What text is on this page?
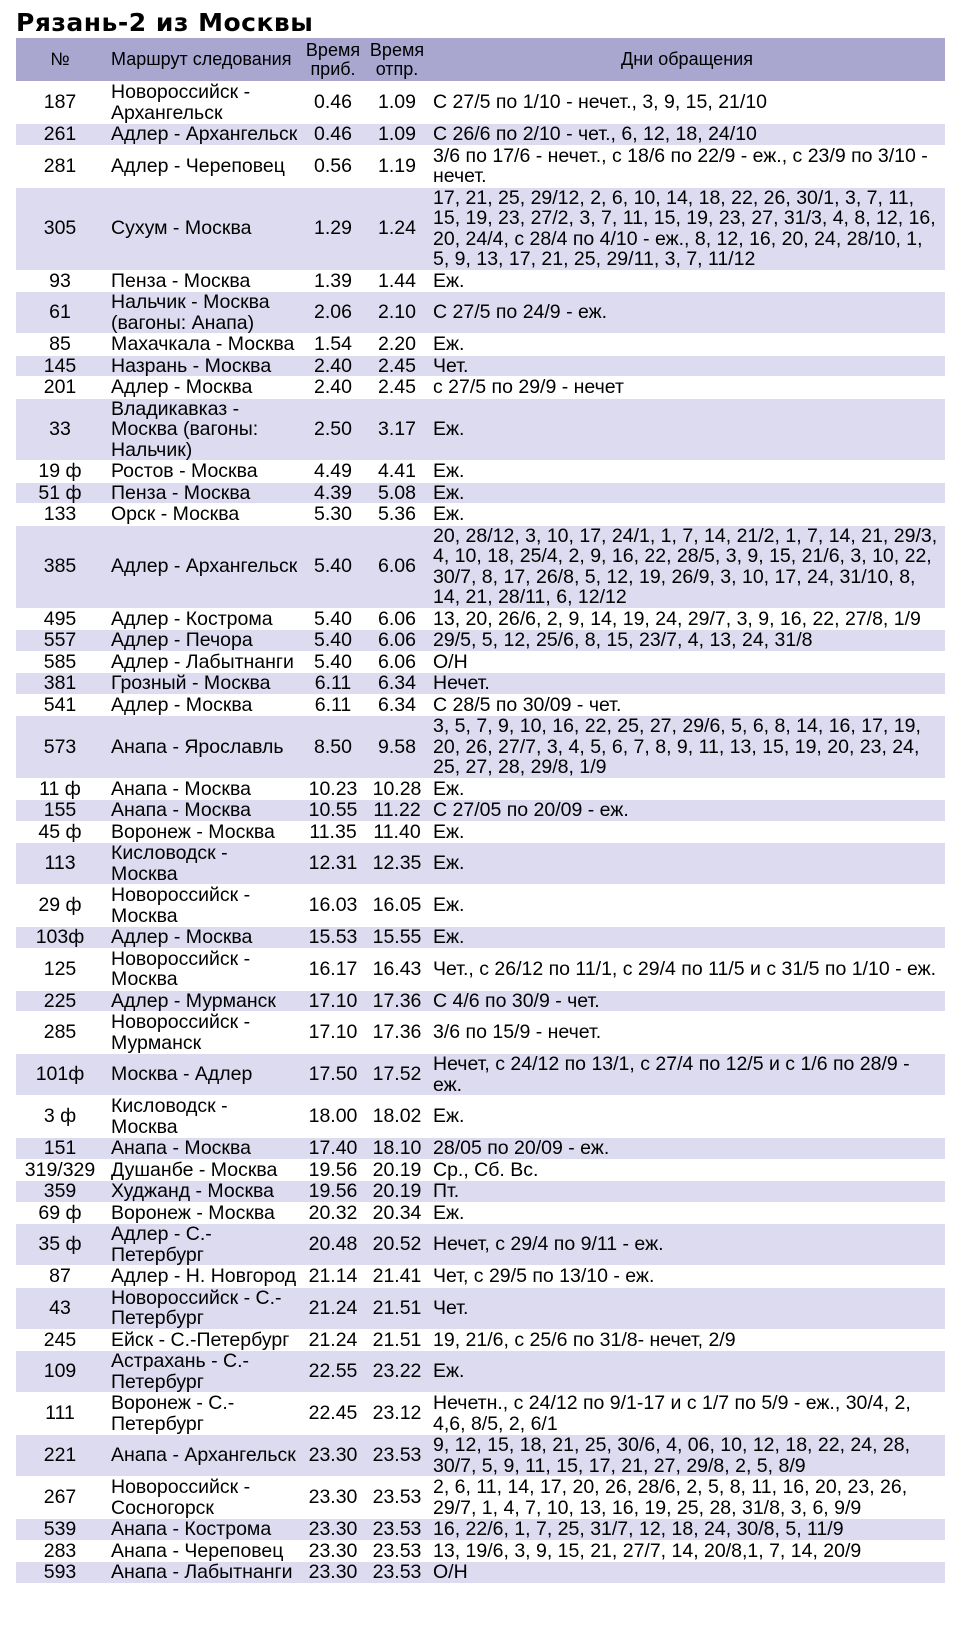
Рязань-2 из Москвы
№	Маршрут следования	Время приб.	Время отпр.	Дни обращения
187	Новороссийск - Архангельск	0.46	1.09	С 27/5 по 1/10 - нечет., 3, 9, 15, 21/10
261	Адлер - Архангельск	0.46	1.09	С 26/6 по 2/10 - чет., 6, 12, 18, 24/10
281	Адлер - Череповец	0.56	1.19	3/6 по 17/6 - нечет., с 18/6 по 22/9 - еж., с 23/9 по 3/10 - нечет.
305	Сухум - Москва	1.29	1.24	17, 21, 25, 29/12, 2, 6, 10, 14, 18, 22, 26, 30/1, 3, 7, 11, 15, 19, 23, 27/2, 3, 7, 11, 15, 19, 23, 27, 31/3, 4, 8, 12, 16, 20, 24/4, с 28/4 по 4/10 - еж., 8, 12, 16, 20, 24, 28/10, 1, 5, 9, 13, 17, 21, 25, 29/11, 3, 7, 11/12
93	Пенза - Москва	1.39	1.44	Еж.
61	Нальчик - Москва (вагоны: Анапа)	2.06	2.10	С 27/5 по 24/9 - еж.
85	Махачкала - Москва	1.54	2.20	Еж.
145	Назрань - Москва	2.40	2.45	Чет.
201	Адлер - Москва	2.40	2.45	с 27/5 по 29/9 - нечет
33	Владикавказ - Москва (вагоны: Нальчик)	2.50	3.17	Еж.
19 ф	Ростов - Москва	4.49	4.41	Еж.
51 ф	Пенза - Москва	4.39	5.08	Еж.
133	Орск - Москва	5.30	5.36	Еж.
385	Адлер - Архангельск	5.40	6.06	20, 28/12, 3, 10, 17, 24/1, 1, 7, 14, 21/2, 1, 7, 14, 21, 29/3, 4, 10, 18, 25/4, 2, 9, 16, 22, 28/5, 3, 9, 15, 21/6, 3, 10, 22, 30/7, 8, 17, 26/8, 5, 12, 19, 26/9, 3, 10, 17, 24, 31/10, 8, 14, 21, 28/11, 6, 12/12
495	Адлер - Кострома	5.40	6.06	13, 20, 26/6, 2, 9, 14, 19, 24, 29/7, 3, 9, 16, 22, 27/8, 1/9
557	Адлер - Печора	5.40	6.06	29/5, 5, 12, 25/6, 8, 15, 23/7, 4, 13, 24, 31/8
585	Адлер - Лабытнанги	5.40	6.06	О/Н
381	Грозный - Москва	6.11	6.34	Нечет.
541	Адлер - Москва	6.11	6.34	С 28/5 по 30/09 - чет.
573	Анапа - Ярославль	8.50	9.58	3, 5, 7, 9, 10, 16, 22, 25, 27, 29/6, 5, 6, 8, 14, 16, 17, 19, 20, 26, 27/7, 3, 4, 5, 6, 7, 8, 9, 11, 13, 15, 19, 20, 23, 24, 25, 27, 28, 29/8, 1/9
11 ф	Анапа - Москва	10.23	10.28	Еж.
155	Анапа - Москва	10.55	11.22	С 27/05 по 20/09 - еж.
45 ф	Воронеж - Москва	11.35	11.40	Еж.
113	Кисловодск - Москва	12.31	12.35	Еж.
29 ф	Новороссийск - Москва	16.03	16.05	Еж.
103ф	Адлер - Москва	15.53	15.55	Еж.
125	Новороссийск - Москва	16.17	16.43	Чет., с 26/12 по 11/1, с 29/4 по 11/5 и с 31/5 по 1/10 - еж.
225	Адлер - Мурманск	17.10	17.36	С 4/6 по 30/9 - чет.
285	Новороссийск - Мурманск	17.10	17.36	3/6 по 15/9 - нечет.
101ф	Москва - Адлер	17.50	17.52	Нечет, с 24/12 по 13/1, с 27/4 по 12/5 и с 1/6 по 28/9 - еж.
3 ф	Кисловодск - Москва	18.00	18.02	Еж.
151	Анапа - Москва	17.40	18.10	28/05 по 20/09 - еж.
319/329	Душанбе - Москва	19.56	20.19	Ср., Сб. Вс.
359	Худжанд - Москва	19.56	20.19	Пт.
69 ф	Воронеж - Москва	20.32	20.34	Еж.
35 ф	Адлер - С.-Петербург	20.48	20.52	Нечет, с 29/4 по 9/11 - еж.
87	Адлер - Н. Новгород	21.14	21.41	Чет, с 29/5 по 13/10 - еж.
43	Новороссийск - С.-Петербург	21.24	21.51	Чет.
245	Ейск - С.-Петербург	21.24	21.51	19, 21/6, с 25/6 по 31/8- нечет, 2/9
109	Астрахань - С.-Петербург	22.55	23.22	Еж.
111	Воронеж - С.-Петербург	22.45	23.12	Нечетн., с 24/12 по 9/1-17 и с 1/7 по 5/9 - еж., 30/4, 2, 4,6, 8/5, 2, 6/1
221	Анапа - Архангельск	23.30	23.53	9, 12, 15, 18, 21, 25, 30/6, 4, 06, 10, 12, 18, 22, 24, 28, 30/7, 5, 9, 11, 15, 17, 21, 27, 29/8, 2, 5, 8/9
267	Новороссийск - Сосногорск	23.30	23.53	2, 6, 11, 14, 17, 20, 26, 28/6, 2, 5, 8, 11, 16, 20, 23, 26, 29/7, 1, 4, 7, 10, 13, 16, 19, 25, 28, 31/8, 3, 6, 9/9
539	Анапа - Кострома	23.30	23.53	16, 22/6, 1, 7, 25, 31/7, 12, 18, 24, 30/8, 5, 11/9
283	Анапа - Череповец	23.30	23.53	13, 19/6, 3, 9, 15, 21, 27/7, 14, 20/8,1, 7, 14, 20/9
593	Анапа - Лабытнанги	23.30	23.53	О/Н
